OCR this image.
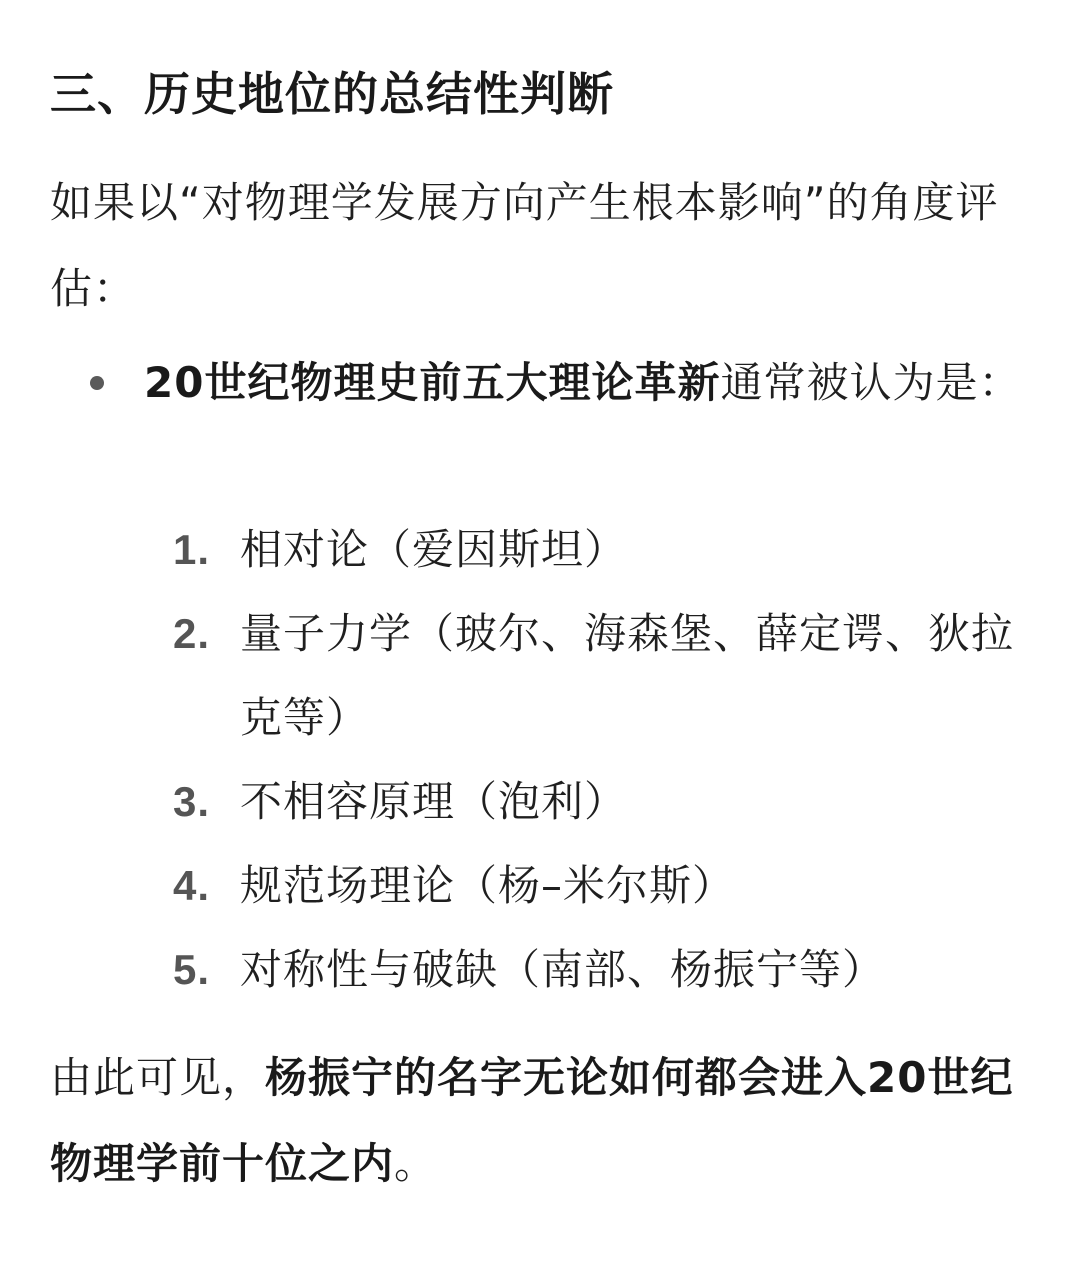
三、历史地位的总结性判断

如果以“对物理学发展方向产生根本影响”的角度评估：

20世纪物理史前五大理论革新通常被认为是：
1. 相对论（爱因斯坦）
2. 量子力学（玻尔、海森堡、薛定谔、狄拉克等）
3. 不相容原理（泡利）
4. 规范场理论（杨–米尔斯）
5. 对称性与破缺（南部、杨振宁等）

由此可见，杨振宁的名字无论如何都会进入20世纪物理学前十位之内。
